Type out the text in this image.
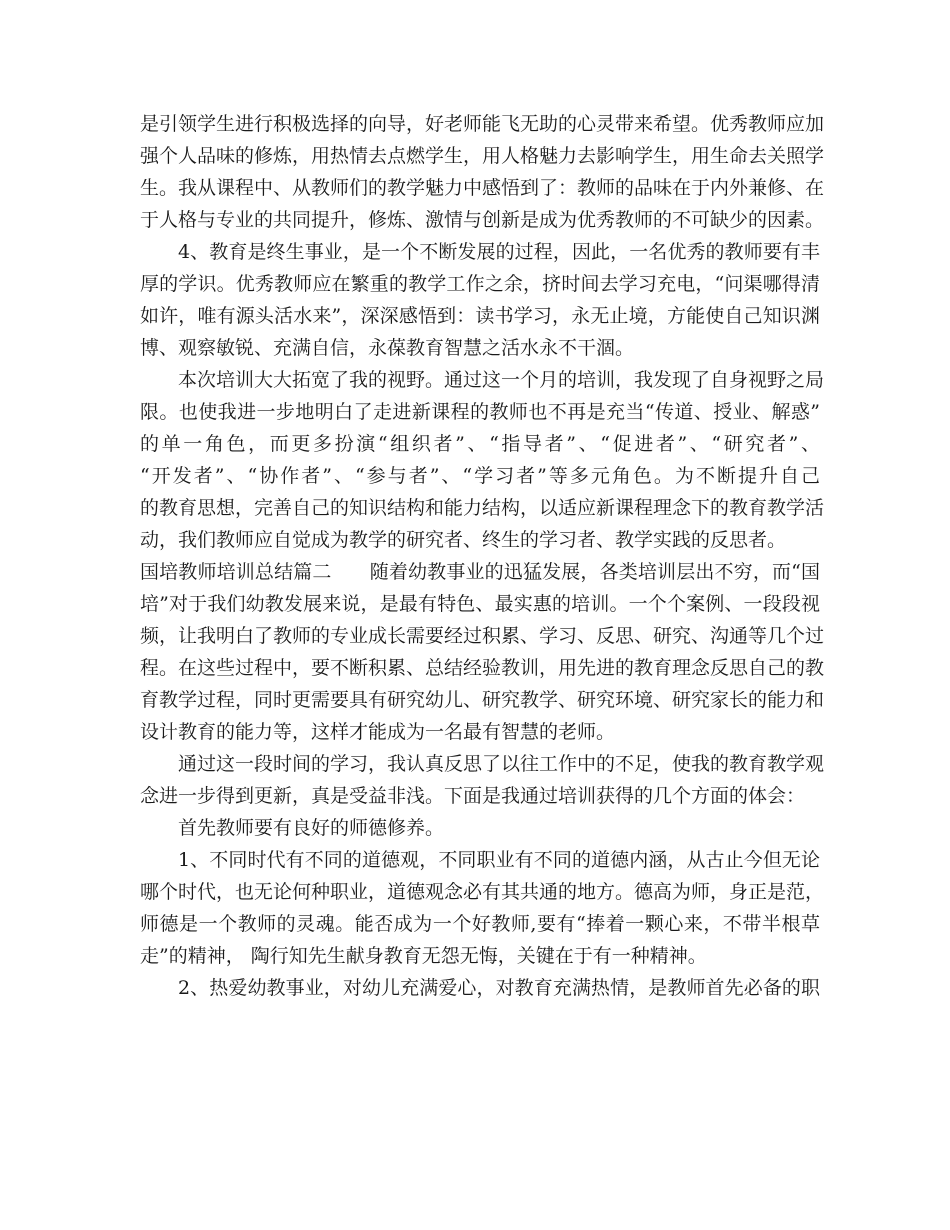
是引领学生进行积极选择的向导，好老师能飞无助的心灵带来希望。优秀教师应加
强个人品味的修炼，用热情去点燃学生，用人格魅力去影响学生，用生命去关照学
生。我从课程中、从教师们的教学魅力中感悟到了：教师的品味在于内外兼修、在
于人格与专业的共同提升，修炼、激情与创新是成为优秀教师的不可缺少的因素。
4、教育是终生事业，是一个不断发展的过程，因此，一名优秀的教师要有丰
厚的学识。优秀教师应在繁重的教学工作之余，挤时间去学习充电，“问渠哪得清
如许，唯有源头活水来”，深深感悟到：读书学习，永无止境，方能使自己知识渊
博、观察敏锐、充满自信，永葆教育智慧之活水永不干涸。
本次培训大大拓宽了我的视野。通过这一个月的培训，我发现了自身视野之局
限。也使我进一步地明白了走进新课程的教师也不再是充当“传道、授业、解惑”
的单一角色，而更多扮演“组织者”、“指导者”、“促进者”、“研究者”、
“开发者”、“协作者”、“参与者”、“学习者”等多元角色。为不断提升自己
的教育思想，完善自己的知识结构和能力结构，以适应新课程理念下的教育教学活
动，我们教师应自觉成为教学的研究者、终生的学习者、教学实践的反思者。
国培教师培训总结篇二 随着幼教事业的迅猛发展，各类培训层出不穷，而“国
培”对于我们幼教发展来说，是最有特色、最实惠的培训。一个个案例、一段段视
频，让我明白了教师的专业成长需要经过积累、学习、反思、研究、沟通等几个过
程。在这些过程中，要不断积累、总结经验教训，用先进的教育理念反思自己的教
育教学过程，同时更需要具有研究幼儿、研究教学、研究环境、研究家长的能力和
设计教育的能力等，这样才能成为一名最有智慧的老师。
通过这一段时间的学习，我认真反思了以往工作中的不足，使我的教育教学观
念进一步得到更新，真是受益非浅。下面是我通过培训获得的几个方面的体会：
首先教师要有良好的师德修养。
1、不同时代有不同的道德观，不同职业有不同的道德内涵，从古止今但无论
哪个时代，也无论何种职业，道德观念必有其共通的地方。德高为师，身正是范，
师德是一个教师的灵魂。能否成为一个好教师,要有“捧着一颗心来，不带半根草
走”的精神， 陶行知先生献身教育无怨无悔，关键在于有一种精神。
2、热爱幼教事业，对幼儿充满爱心，对教育充满热情，是教师首先必备的职
